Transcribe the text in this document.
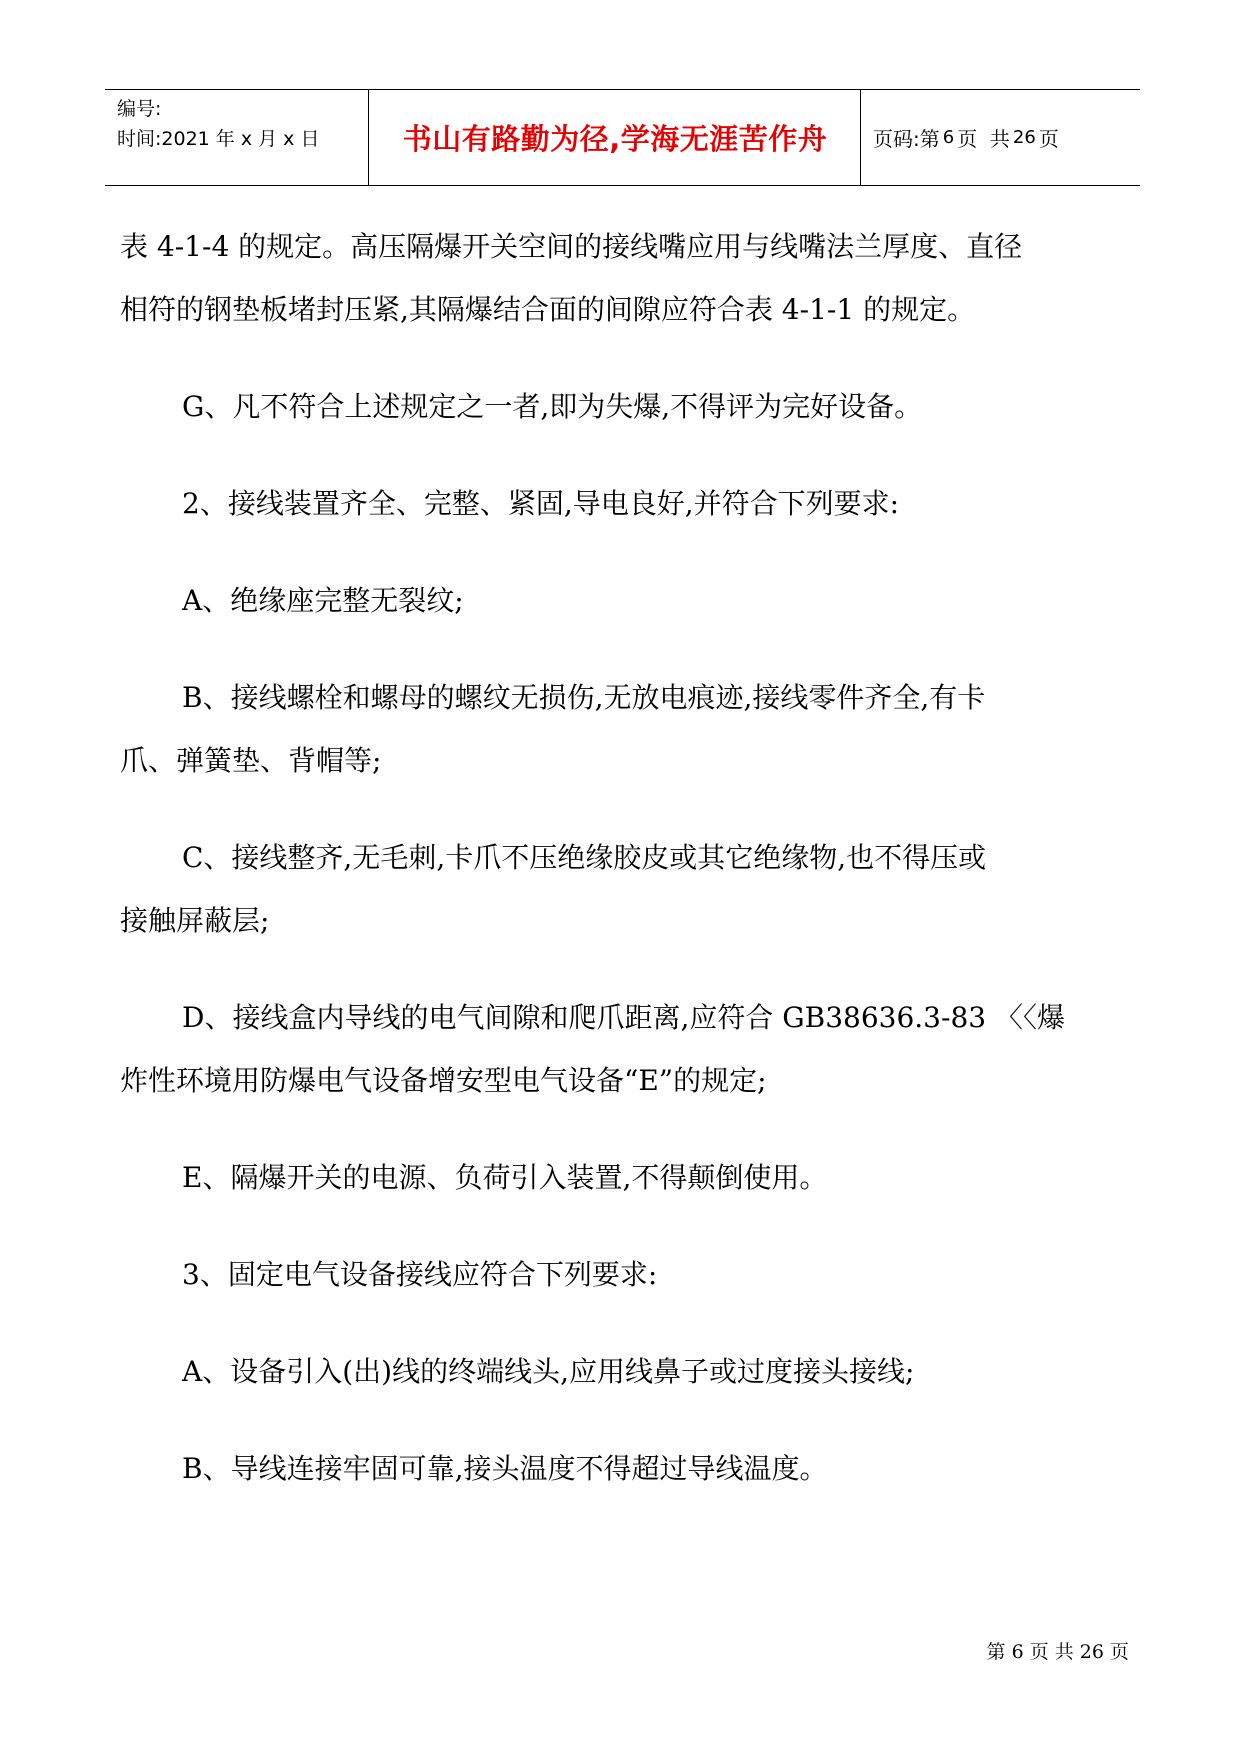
编号:
时间:2021 年 x 月 x 日	书山有路勤为径,学海无涯苦作舟	页码:第 6 页  共 26 页

表 4-1-4 的规定。高压隔爆开关空间的接线嘴应用与线嘴法兰厚度、直径

相符的钢垫板堵封压紧,其隔爆结合面的间隙应符合表 4-1-1 的规定。

G、凡不符合上述规定之一者,即为失爆,不得评为完好设备。

2、接线装置齐全、完整、紧固,导电良好,并符合下列要求:

A、绝缘座完整无裂纹;

B、接线螺栓和螺母的螺纹无损伤,无放电痕迹,接线零件齐全,有卡

爪、弹簧垫、背帽等;

C、接线整齐,无毛刺,卡爪不压绝缘胶皮或其它绝缘物,也不得压或

接触屏蔽层;

D、接线盒内导线的电气间隙和爬爪距离,应符合 GB38636.3-83 〈〈爆

炸性环境用防爆电气设备增安型电气设备“E”的规定;

E、隔爆开关的电源、负荷引入装置,不得颠倒使用。

3、固定电气设备接线应符合下列要求:

A、设备引入(出)线的终端线头,应用线鼻子或过度接头接线;

B、导线连接牢固可靠,接头温度不得超过导线温度。

第 6 页 共 26 页
